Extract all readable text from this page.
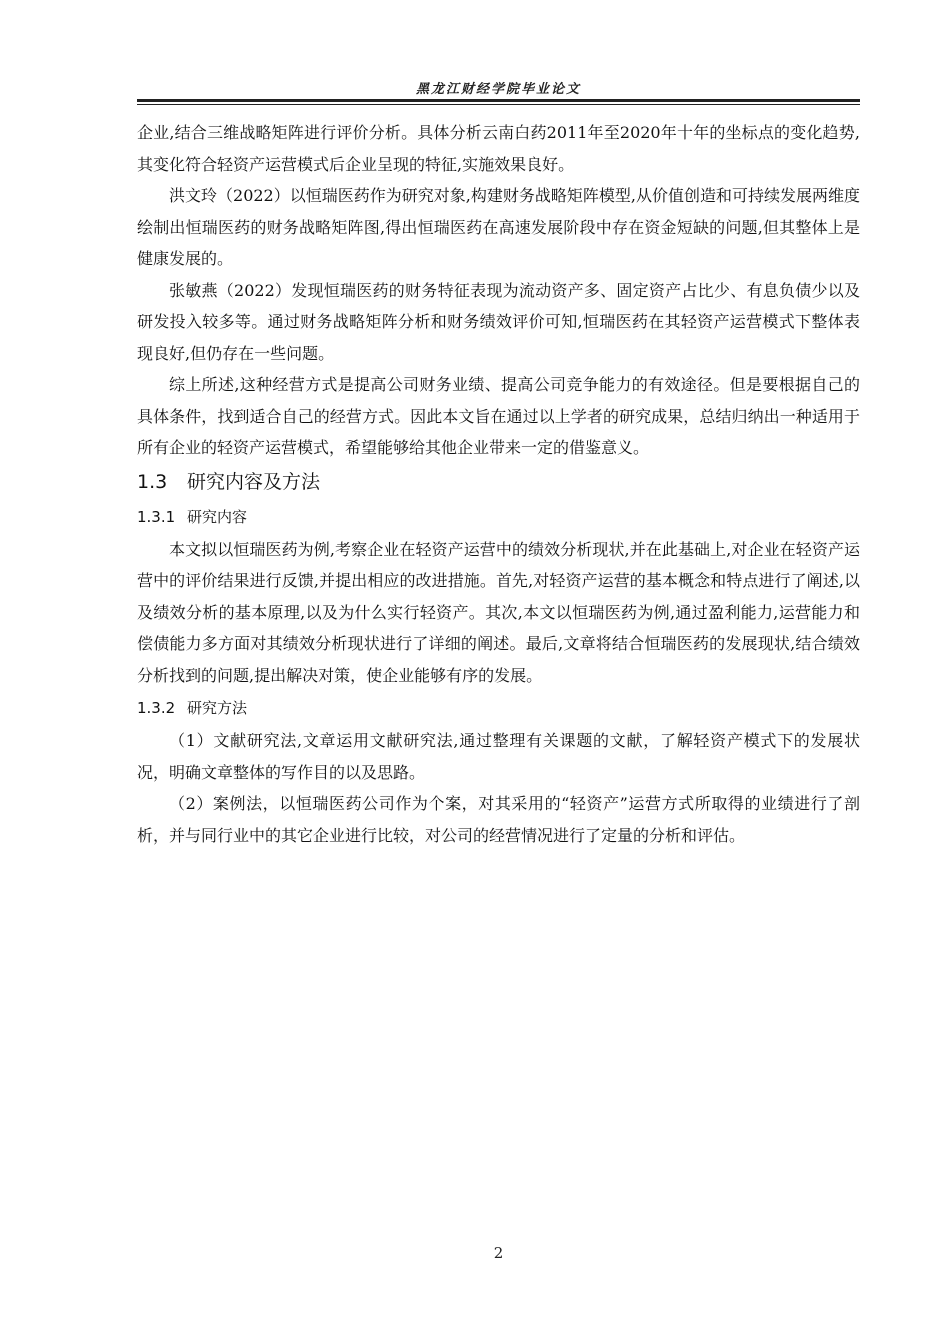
黑龙江财经学院毕业论文

企业,结合三维战略矩阵进行评价分析。具体分析云南白药2011年至2020年十年的坐标点的变化趋势,其变化符合轻资产运营模式后企业呈现的特征,实施效果良好。

洪文玲（2022）以恒瑞医药作为研究对象,构建财务战略矩阵模型,从价值创造和可持续发展两维度绘制出恒瑞医药的财务战略矩阵图,得出恒瑞医药在高速发展阶段中存在资金短缺的问题,但其整体上是健康发展的。

张敏燕（2022）发现恒瑞医药的财务特征表现为流动资产多、固定资产占比少、有息负债少以及研发投入较多等。通过财务战略矩阵分析和财务绩效评价可知,恒瑞医药在其轻资产运营模式下整体表现良好,但仍存在一些问题。

综上所述,这种经营方式是提高公司财务业绩、提高公司竞争能力的有效途径。但是要根据自己的具体条件，找到适合自己的经营方式。因此本文旨在通过以上学者的研究成果，总结归纳出一种适用于所有企业的轻资产运营模式，希望能够给其他企业带来一定的借鉴意义。

1.3 研究内容及方法
1.3.1 研究内容

本文拟以恒瑞医药为例,考察企业在轻资产运营中的绩效分析现状,并在此基础上,对企业在轻资产运营中的评价结果进行反馈,并提出相应的改进措施。首先,对轻资产运营的基本概念和特点进行了阐述,以及绩效分析的基本原理,以及为什么实行轻资产。其次,本文以恒瑞医药为例,通过盈利能力,运营能力和偿债能力多方面对其绩效分析现状进行了详细的阐述。最后,文章将结合恒瑞医药的发展现状,结合绩效分析找到的问题,提出解决对策，使企业能够有序的发展。

1.3.2 研究方法

（1）文献研究法,文章运用文献研究法,通过整理有关课题的文献，了解轻资产模式下的发展状况，明确文章整体的写作目的以及思路。

（2）案例法，以恒瑞医药公司作为个案，对其采用的“轻资产”运营方式所取得的业绩进行了剖析，并与同行业中的其它企业进行比较，对公司的经营情况进行了定量的分析和评估。

2
